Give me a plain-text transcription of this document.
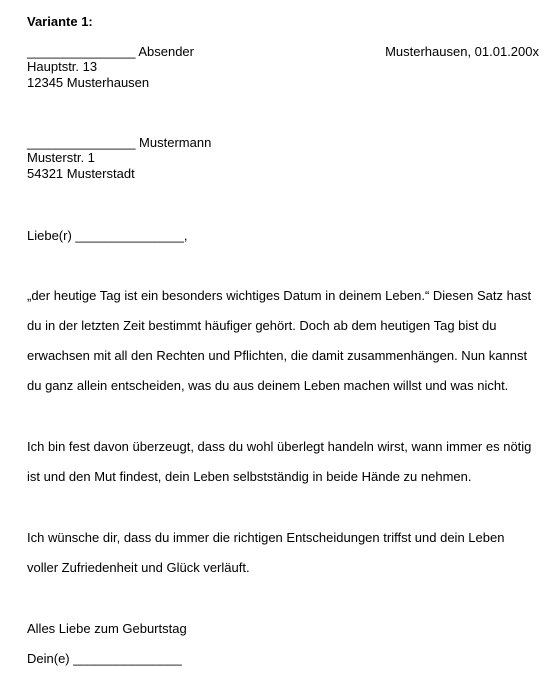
Variante 1:
_______________ Absender	Musterhausen, 01.01.200x
Hauptstr. 13
12345 Musterhausen
_______________ Mustermann
Musterstr. 1
54321 Musterstadt
Liebe(r) _______________,
„der heutige Tag ist ein besonders wichtiges Datum in deinem Leben.“ Diesen Satz hast
du in der letzten Zeit bestimmt häufiger gehört. Doch ab dem heutigen Tag bist du
erwachsen mit all den Rechten und Pflichten, die damit zusammenhängen. Nun kannst
du ganz allein entscheiden, was du aus deinem Leben machen willst und was nicht.
Ich bin fest davon überzeugt, dass du wohl überlegt handeln wirst, wann immer es nötig
ist und den Mut findest, dein Leben selbstständig in beide Hände zu nehmen.
Ich wünsche dir, dass du immer die richtigen Entscheidungen triffst und dein Leben
voller Zufriedenheit und Glück verläuft.
Alles Liebe zum Geburtstag
Dein(e) _______________
